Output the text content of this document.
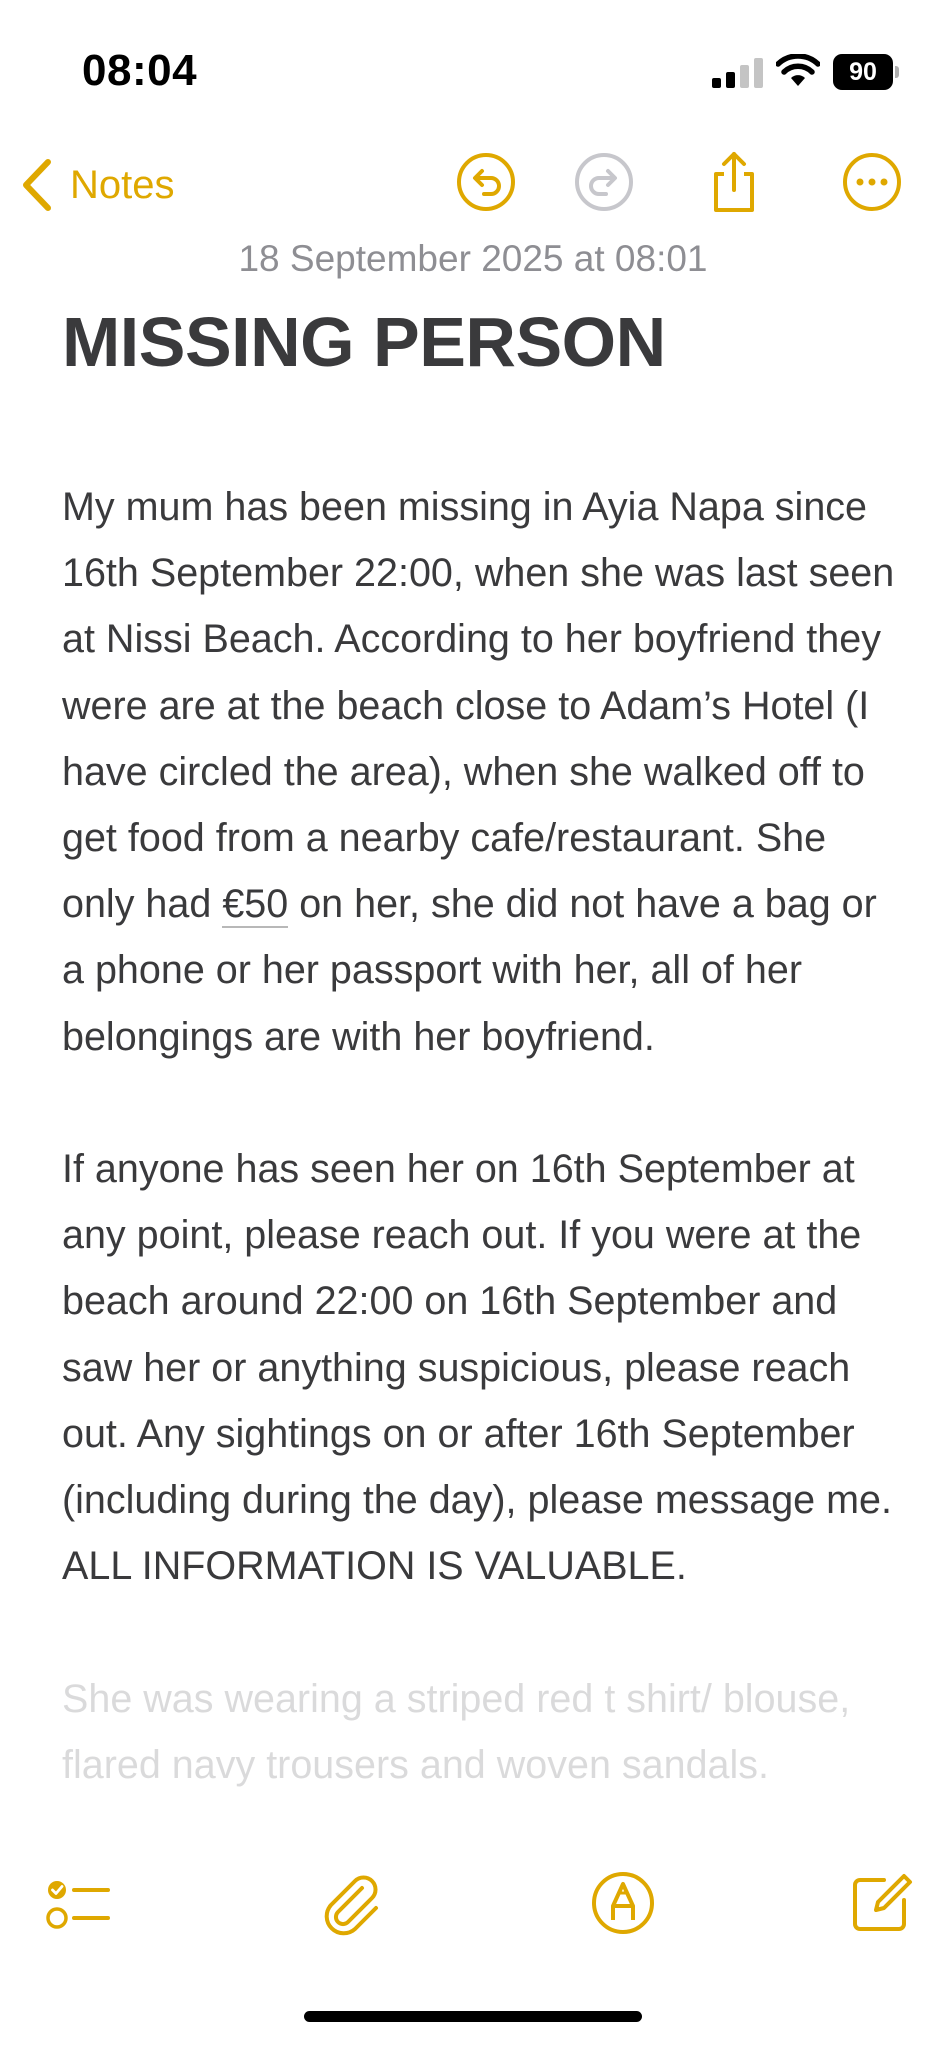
08:04	90
Notes
18 September 2025 at 08:01
MISSING PERSON

My mum has been missing in Ayia Napa since 16th September 22:00, when she was last seen at Nissi Beach. According to her boyfriend they were are at the beach close to Adam’s Hotel (I have circled the area), when she walked off to get food from a nearby cafe/restaurant. She only had €50 on her, she did not have a bag or a phone or her passport with her, all of her belongings are with her boyfriend.

If anyone has seen her on 16th September at any point, please reach out. If you were at the beach around 22:00 on 16th September and saw her or anything suspicious, please reach out. Any sightings on or after 16th September (including during the day), please message me. ALL INFORMATION IS VALUABLE.

She was wearing a striped red t shirt/ blouse, flared navy trousers and woven sandals.
